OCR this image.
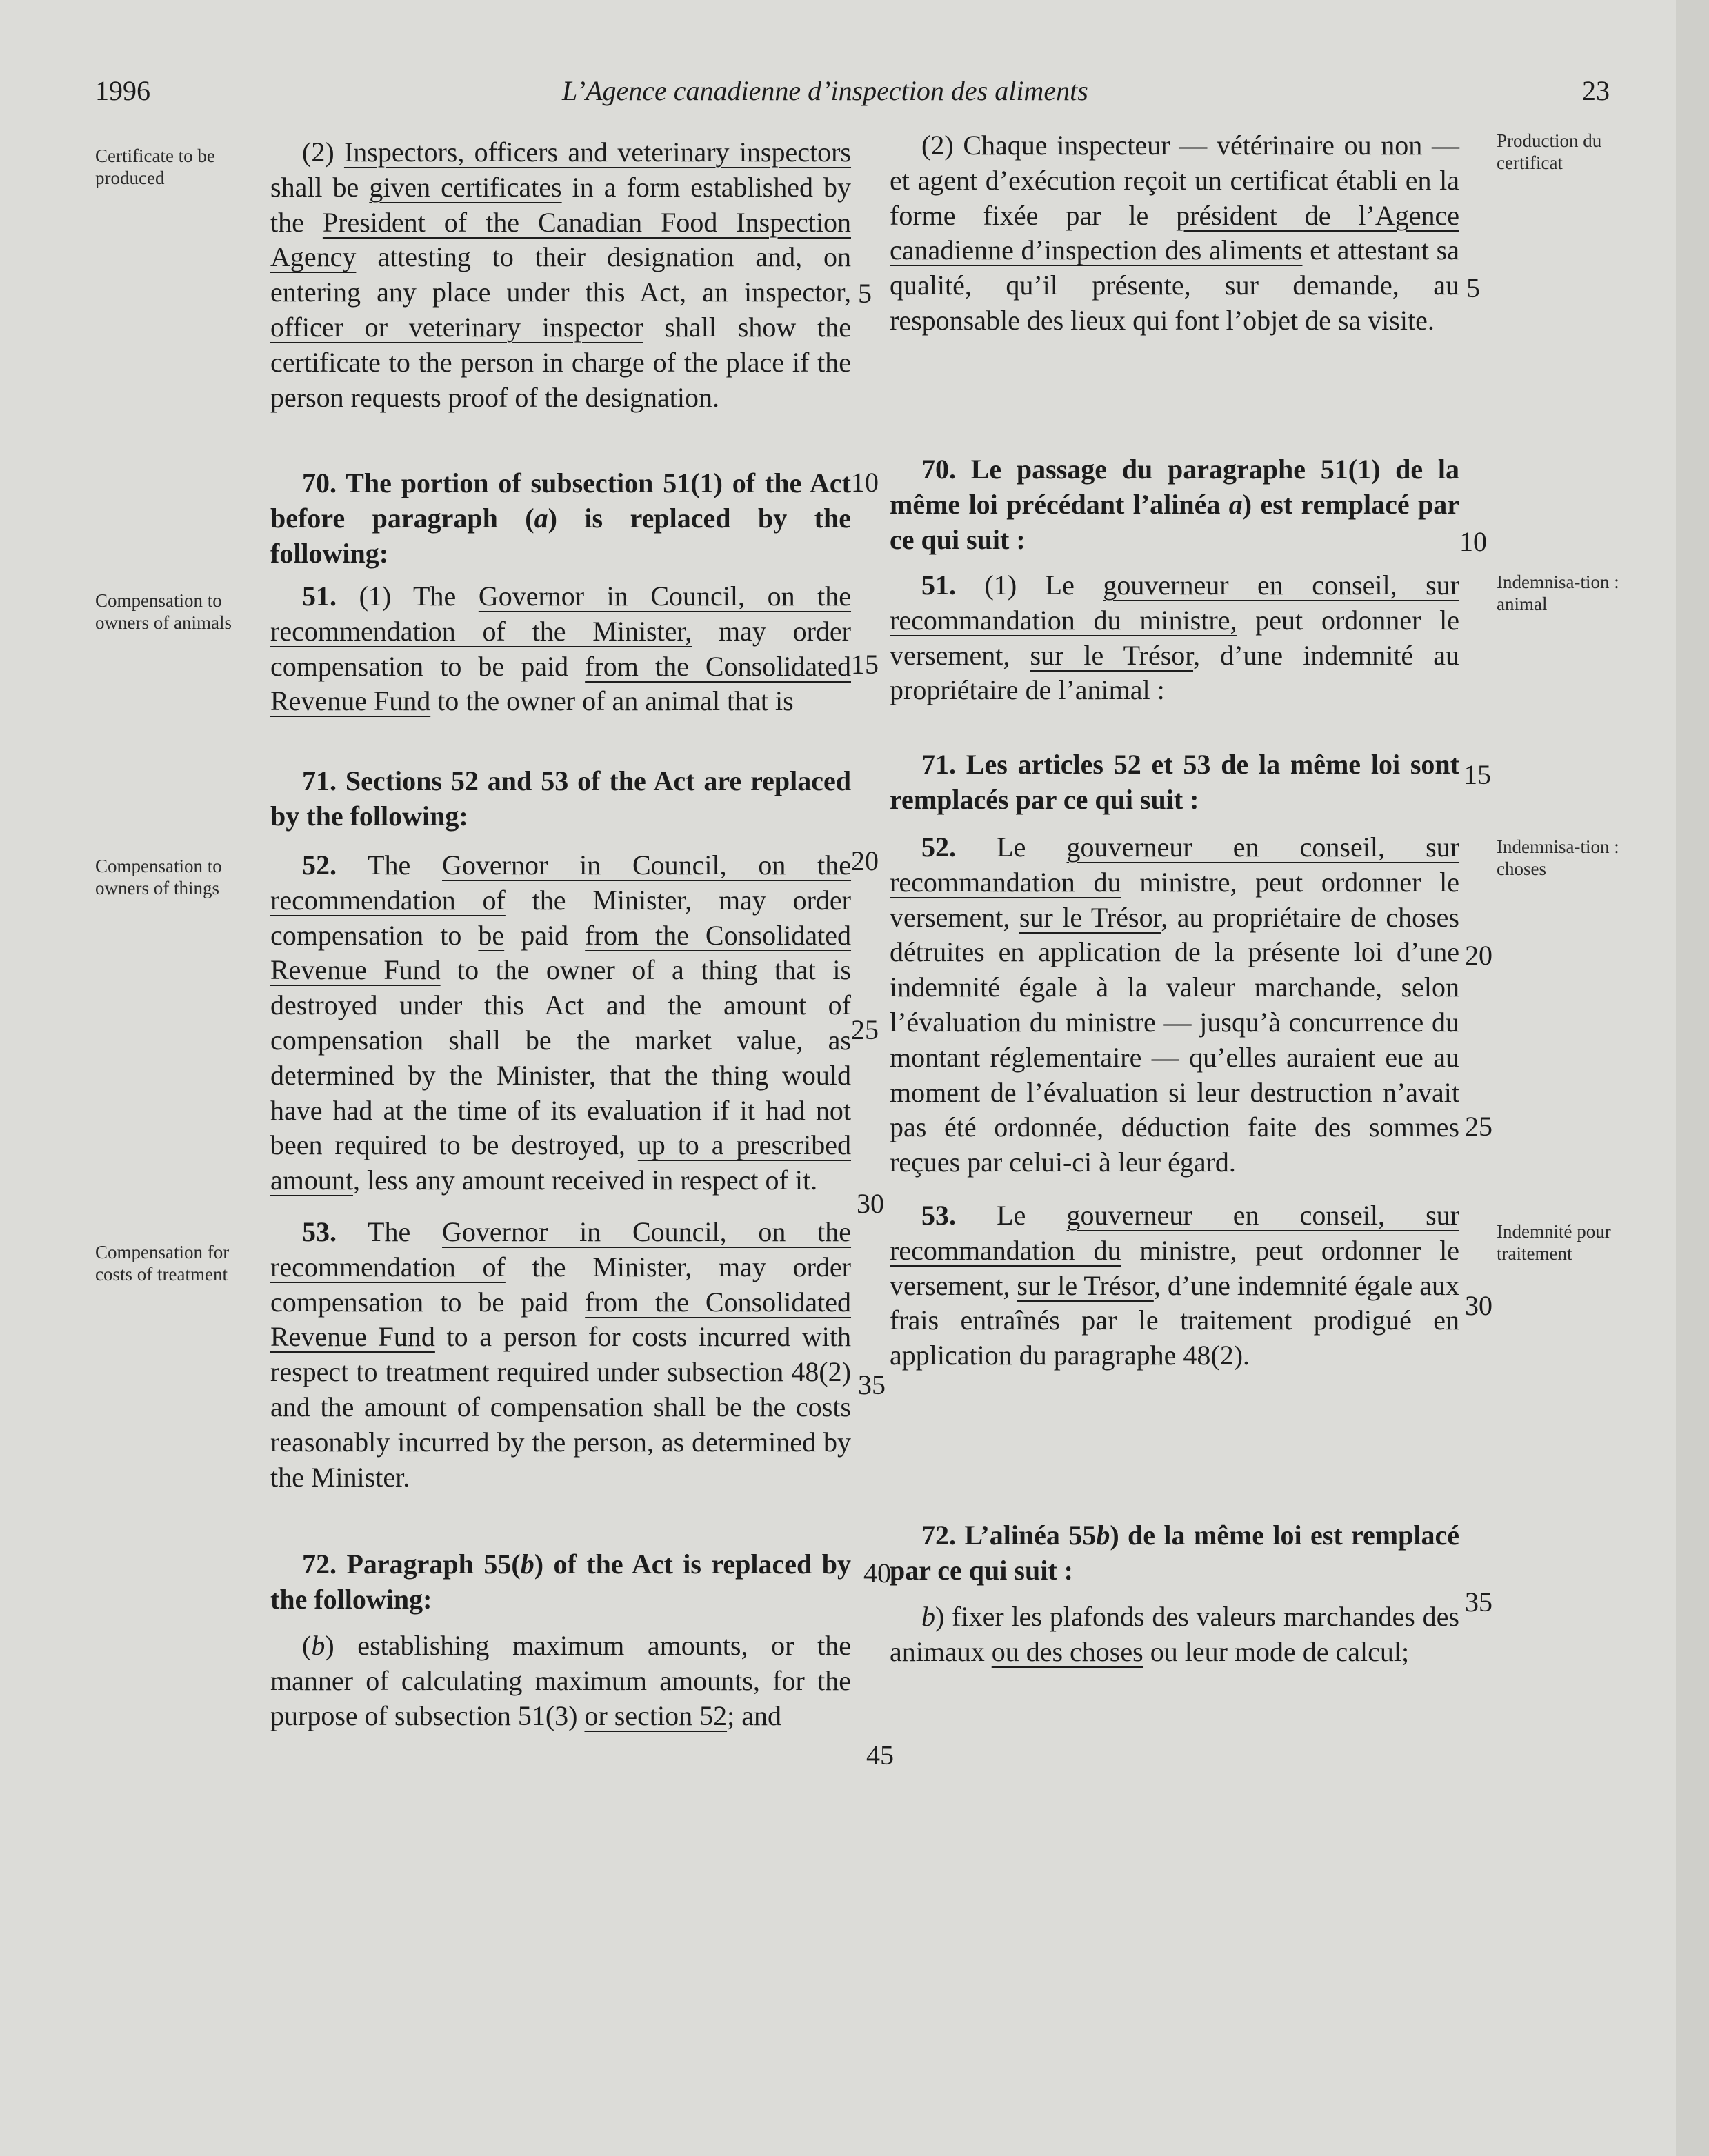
1996	L’Agence canadienne d’inspection des aliments	23
Certificate to be produced
Compensation to owners of animals
Compensation to owners of things
Compensation for costs of treatment
Production du certificat
Indemnisa-tion : animal
Indemnisa-tion : choses
Indemnité pour traitement
5
10
15
20
25
30
35
40
45
5
10
15
20
25
30
35

(2) Inspectors, officers and veterinary inspectors shall be given certificates in a form established by the President of the Canadian Food Inspection Agency attesting to their designation and, on entering any place under this Act, an inspector, officer or veterinary inspector shall show the certificate to the person in charge of the place if the person requests proof of the designation.

70. The portion of subsection 51(1) of the Act before paragraph (a) is replaced by the following:

51. (1) The Governor in Council, on the recommendation of the Minister, may order compensation to be paid from the Consolidated Revenue Fund to the owner of an animal that is

71. Sections 52 and 53 of the Act are replaced by the following:

52. The Governor in Council, on the recommendation of the Minister, may order compensation to be paid from the Consolidated Revenue Fund to the owner of a thing that is destroyed under this Act and the amount of compensation shall be the market value, as determined by the Minister, that the thing would have had at the time of its evaluation if it had not been required to be destroyed, up to a prescribed amount, less any amount received in respect of it.

53. The Governor in Council, on the recommendation of the Minister, may order compensation to be paid from the Consolidated Revenue Fund to a person for costs incurred with respect to treatment required under subsection 48(2) and the amount of compensation shall be the costs reasonably incurred by the person, as determined by the Minister.

72. Paragraph 55(b) of the Act is replaced by the following:

(b) establishing maximum amounts, or the manner of calculating maximum amounts, for the purpose of subsection 51(3) or section 52; and

(2) Chaque inspecteur — vétérinaire ou non — et agent d’exécution reçoit un certificat établi en la forme fixée par le président de l’Agence canadienne d’inspection des aliments et attestant sa qualité, qu’il présente, sur demande, au responsable des lieux qui font l’objet de sa visite.

70. Le passage du paragraphe 51(1) de la même loi précédant l’alinéa a) est remplacé par ce qui suit :

51. (1) Le gouverneur en conseil, sur recommandation du ministre, peut ordonner le versement, sur le Trésor, d’une indemnité au propriétaire de l’animal :

71. Les articles 52 et 53 de la même loi sont remplacés par ce qui suit :

52. Le gouverneur en conseil, sur recommandation du ministre, peut ordonner le versement, sur le Trésor, au propriétaire de choses détruites en application de la présente loi d’une indemnité égale à la valeur marchande, selon l’évaluation du ministre — jusqu’à concurrence du montant réglementaire — qu’elles auraient eue au moment de l’évaluation si leur destruction n’avait pas été ordonnée, déduction faite des sommes reçues par celui-ci à leur égard.

53. Le gouverneur en conseil, sur recommandation du ministre, peut ordonner le versement, sur le Trésor, d’une indemnité égale aux frais entraînés par le traitement prodigué en application du paragraphe 48(2).

72. L’alinéa 55b) de la même loi est remplacé par ce qui suit :

b) fixer les plafonds des valeurs marchandes des animaux ou des choses ou leur mode de calcul;
